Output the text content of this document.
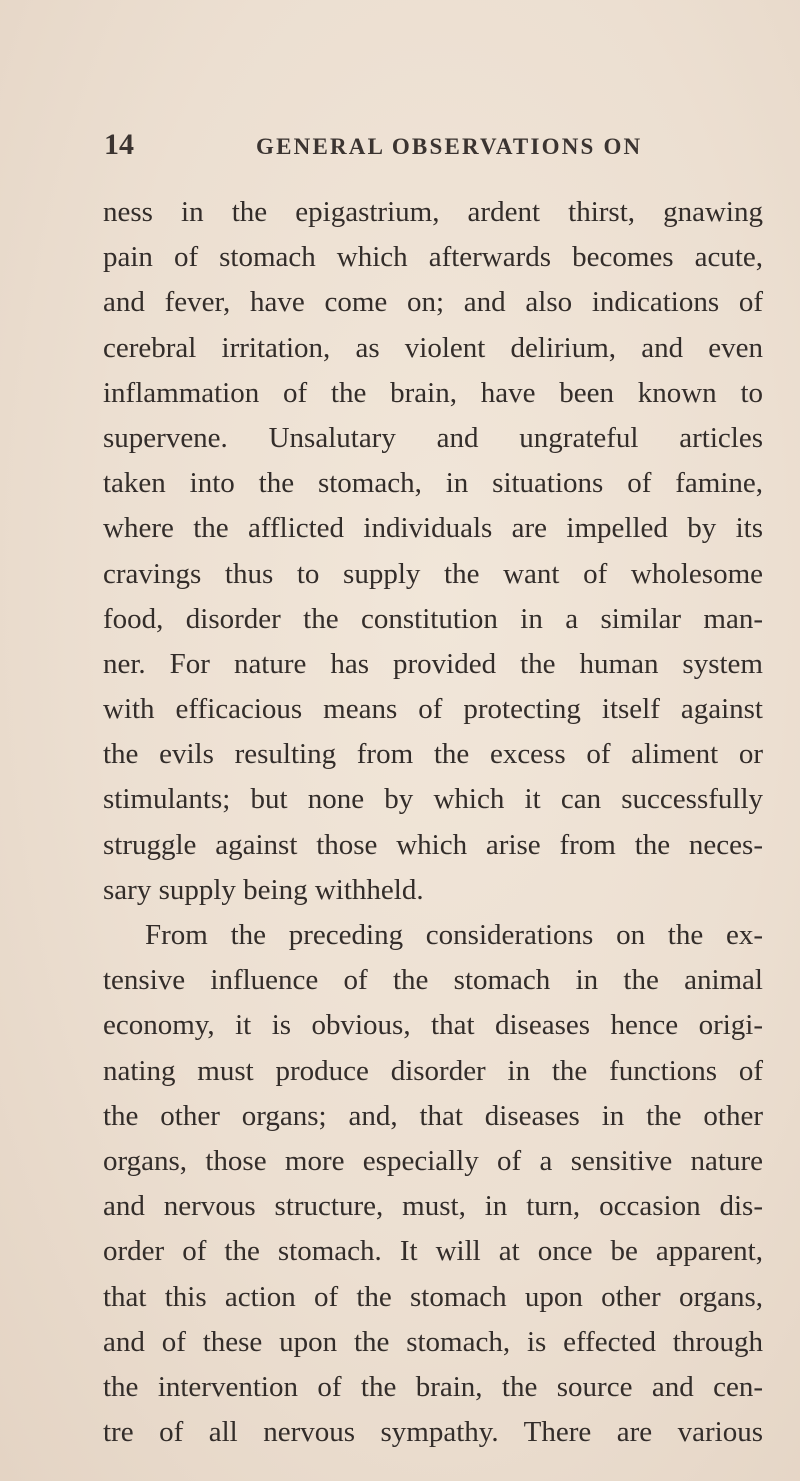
14	GENERAL OBSERVATIONS ON
ness in the epigastrium, ardent thirst, gnawing
pain of stomach which afterwards becomes acute,
and fever, have come on; and also indications of
cerebral irritation, as violent delirium, and even
inflammation of the brain, have been known to
supervene. Unsalutary and ungrateful articles
taken into the stomach, in situations of famine,
where the afflicted individuals are impelled by its
cravings thus to supply the want of wholesome
food, disorder the constitution in a similar man-
ner. For nature has provided the human system
with efficacious means of protecting itself against
the evils resulting from the excess of aliment or
stimulants; but none by which it can successfully
struggle against those which arise from the neces-
sary supply being withheld.
From the preceding considerations on the ex-
tensive influence of the stomach in the animal
economy, it is obvious, that diseases hence origi-
nating must produce disorder in the functions of
the other organs; and, that diseases in the other
organs, those more especially of a sensitive nature
and nervous structure, must, in turn, occasion dis-
order of the stomach. It will at once be apparent,
that this action of the stomach upon other organs,
and of these upon the stomach, is effected through
the intervention of the brain, the source and cen-
tre of all nervous sympathy. There are various
